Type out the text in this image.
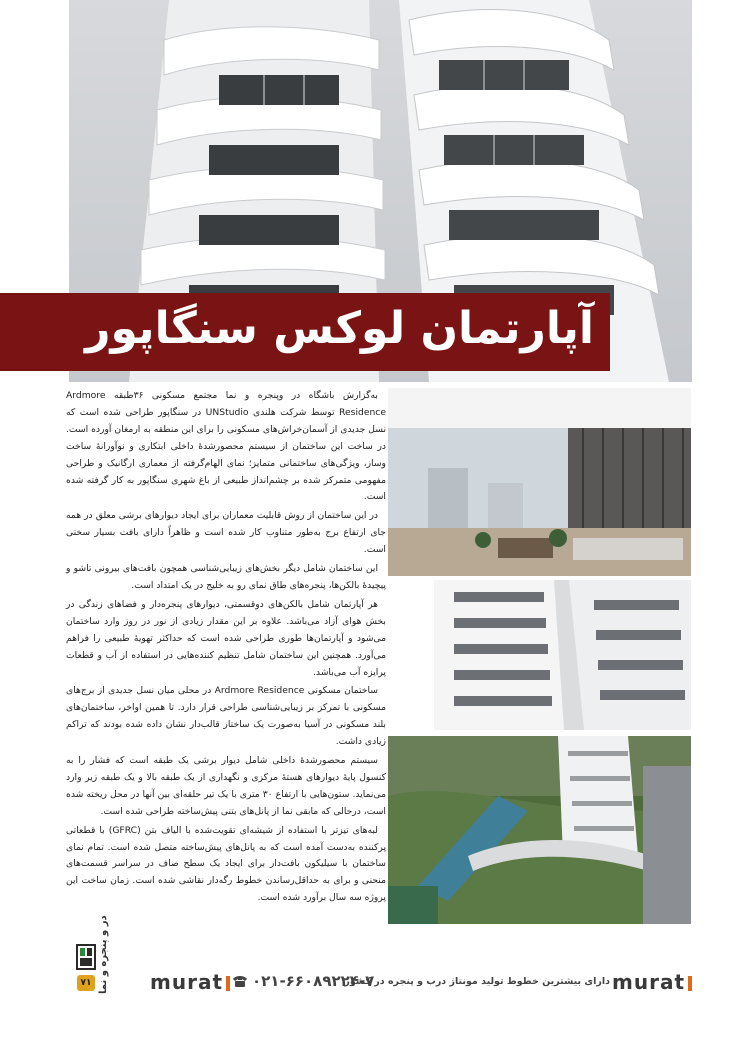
آپارتمان لوکس سنگاپور

به‌گزارش باشگاه در وپنجره و نما مجتمع مسکونی ۳۶طبقه Ardmore Residence توسط شرکت هلندی UNStudio در سنگاپور طراحی شده است که نسل جدیدی از آسمان‌خراش‌های مسکونی را برای این منطقه به ارمغان آورده است. در ساخت این ساختمان از سیستم محصورشدهٔ داخلی ابتکاری و نوآورانهٔ ساخت وساز، ویژگی‌های ساختمانی متمایز؛ نمای الهام‌گرفته از معماری ارگانیک و طراحی مفهومی متمرکز شده بر چشم‌انداز طبیعی از باغ شهری سنگاپور به کار گرفته شده است.

در این ساختمان از روش قابلیت معماران برای ایجاد دیوارهای برشی معلق در همه جای ارتفاع برج به‌طور متناوب کار شده است و ظاهراً دارای بافت بسیار سختی است.

این ساختمان شامل دیگر بخش‌های زیبایی‌شناسی همچون بافت‌های بیرونی تاشو و پیچیدهٔ بالکن‌ها، پنجره‌های طاق نمای رو به خلیج در یک امتداد است.

هر آپارتمان شامل بالکن‌های دوقسمتی، دیوارهای پنجره‌دار و فضاهای زندگی در بخش هوای آزاد می‌باشد. علاوه بر این مقدار زیادی از نور در روز وارد ساختمان می‌شود و آپارتمان‌ها طوری طراحی شده است که حداکثر تهویهٔ طبیعی را فراهم می‌آورد. همچنین این ساختمان شامل تنظیم کننده‌هایی در استفاده از آب و قطعات پرایزه آب می‌باشد.

ساختمان مسکونی Ardmore Residence در محلی میان نسل جدیدی از برج‌های مسکونی با تمرکز بر زیبایی‌شناسی طراحی قرار دارد. تا همین اواخر، ساختمان‌های بلند مسکونی در آسیا به‌صورت یک ساختار قالب‌دار نشان داده شده بودند که تراکم زیادی داشت.

سیستم محصورشدهٔ داخلی شامل دیوار برشی یک طبقه است که فشار را به کنسول پایهٔ دیوارهای هستهٔ مرکزی و نگهداری از یک طبقه بالا و یک طبقه زیر وارد می‌نماید. ستون‌هایی با ارتفاع ۳۰ متری با یک تیر حلقه‌ای بین آنها در محل ریخته شده است، درحالی که مابقی نما از پانل‌های بتنی پیش‌ساخته طراحی شده است.

لبه‌های تیزتر با استفاده از شیشه‌ای تقویت‌شده با الیاف بتن (GFRC) با قطعاتی پرکننده به‌دست آمده است که به پانل‌های پیش‌ساخته متصل شده است. تمام نمای ساختمان با سیلیکون بافت‌دار برای ایجاد یک سطح صاف در سراسر قسمت‌های منحنی و برای به حداقل‌رساندن خطوط رگه‌دار نقاشی شده است. زمان ساخت این پروژه سه سال برآورد شده است.

murat
دارای بیشترین خطوط تولید مونتاژ درب و پنجره در کشور
۰۲۱-۶۶۰۸۹۲۲۴-۷
murat
در و پنجره و نما
۷۱
